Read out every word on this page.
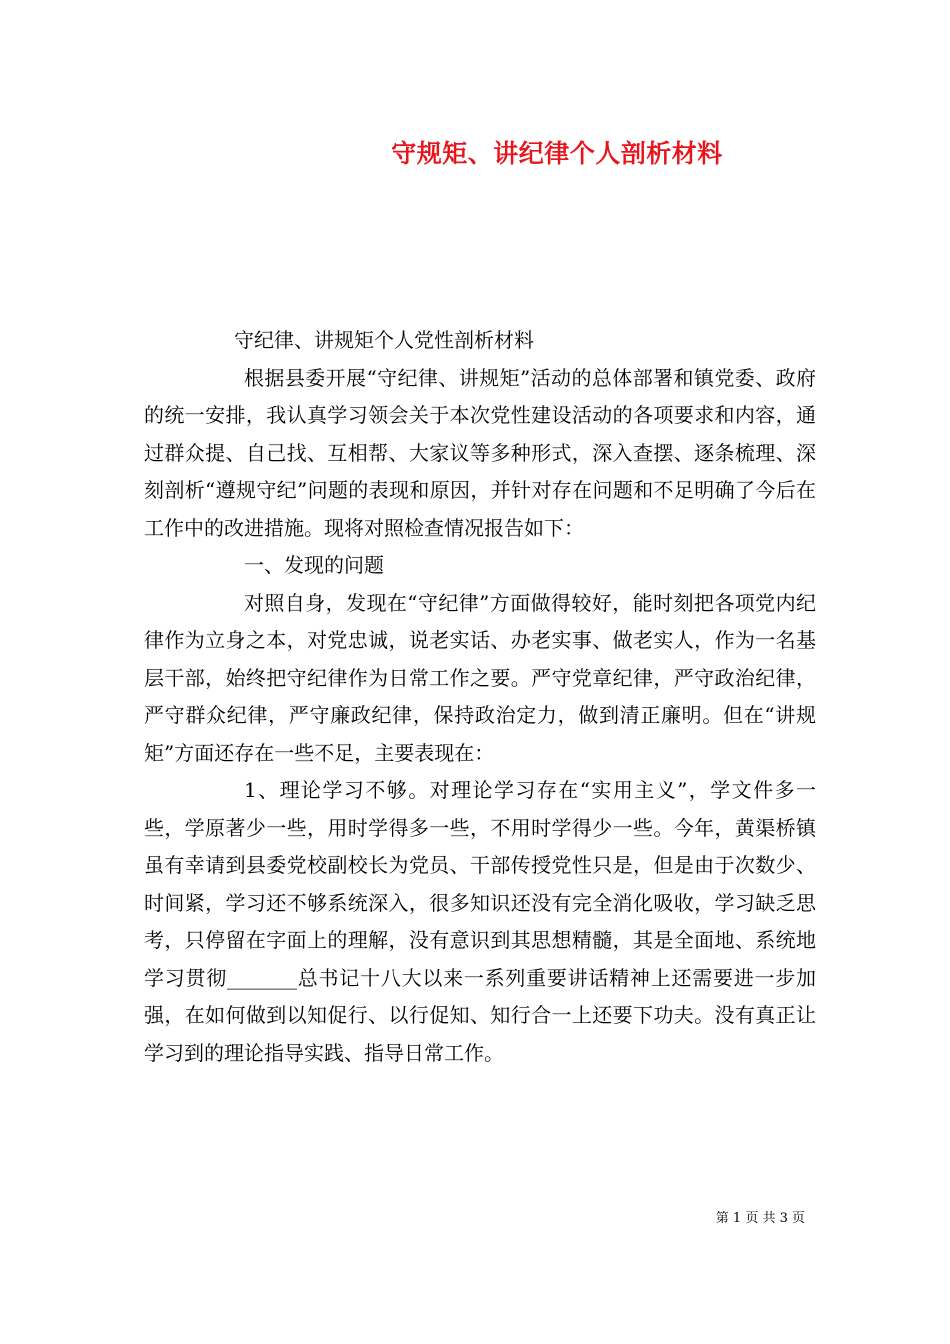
守规矩、讲纪律个人剖析材料

守纪律、讲规矩个人党性剖析材料

根据县委开展“守纪律、讲规矩”活动的总体部署和镇党委、政府的统一安排，我认真学习领会关于本次党性建设活动的各项要求和内容，通过群众提、自己找、互相帮、大家议等多种形式，深入查摆、逐条梳理、深刻剖析“遵规守纪”问题的表现和原因，并针对存在问题和不足明确了今后在工作中的改进措施。现将对照检查情况报告如下：

一、发现的问题

对照自身，发现在“守纪律”方面做得较好，能时刻把各项党内纪律作为立身之本，对党忠诚，说老实话、办老实事、做老实人，作为一名基层干部，始终把守纪律作为日常工作之要。严守党章纪律，严守政治纪律，严守群众纪律，严守廉政纪律，保持政治定力，做到清正廉明。但在“讲规矩”方面还存在一些不足，主要表现在：

1、理论学习不够。对理论学习存在“实用主义”，学文件多一些，学原著少一些，用时学得多一些，不用时学得少一些。今年，黄渠桥镇虽有幸请到县委党校副校长为党员、干部传授党性只是，但是由于次数少、时间紧，学习还不够系统深入，很多知识还没有完全消化吸收，学习缺乏思考，只停留在字面上的理解，没有意识到其思想精髓，其是全面地、系统地学习贯彻_______总书记十八大以来一系列重要讲话精神上还需要进一步加强，在如何做到以知促行、以行促知、知行合一上还要下功夫。没有真正让学习到的理论指导实践、指导日常工作。

第 1 页 共 3 页
